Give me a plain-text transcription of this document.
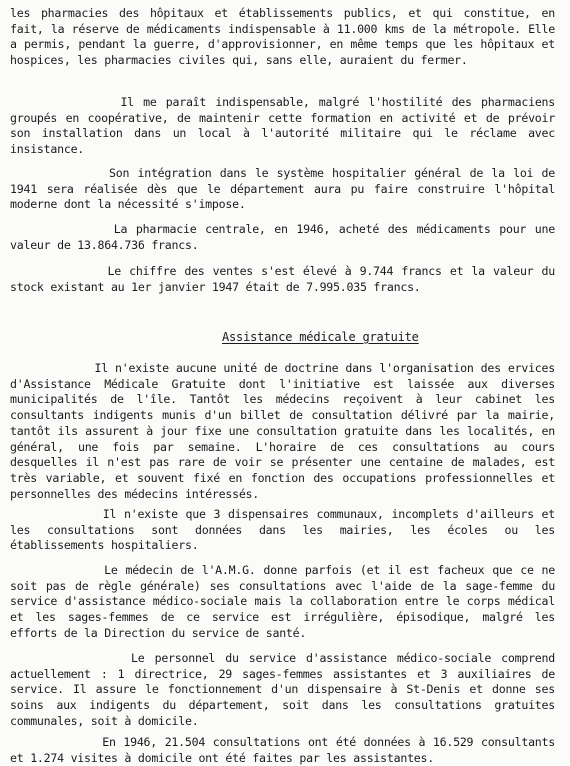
les pharmacies des hôpitaux et établissements publics, et qui constitue, en fait, la réserve de médicaments indispensable à 11.000 kms de la métropole. Elle a permis, pendant la guerre, d'approvisionner, en même temps que les hôpitaux et hospices, les pharmacies civiles qui, sans elle, auraient du fermer.

Il me paraît indispensable, malgré l'hostilité des pharmaciens groupés en coopérative, de maintenir cette formation en activité et de prévoir son installation dans un local à l'autorité militaire qui le réclame avec insistance.

Son intégration dans le système hospitalier général de la loi de 1941 sera réalisée dès que le département aura pu faire construire l'hôpital moderne dont la nécessité s'impose.

La pharmacie centrale, en 1946, acheté des médicaments pour une valeur de 13.864.736 francs.

Le chiffre des ventes s'est élevé à 9.744 francs et la valeur du stock existant au 1er janvier 1947 était de 7.995.035 francs.

Assistance médicale gratuite

Il n'existe aucune unité de doctrine dans l'organisation des ervices d'Assistance Médicale Gratuite dont l'initiative est laissée aux diverses municipalités de l'île. Tantôt les médecins reçoivent à leur cabinet les consultants indigents munis d'un billet de consultation délivré par la mairie, tantôt ils assurent à jour fixe une consultation gratuite dans les localités, en général, une fois par semaine. L'horaire de ces consultations au cours desquelles il n'est pas rare de voir se présenter une centaine de malades, est très variable, et souvent fixé en fonction des occupations professionnelles et personnelles des médecins intéressés.

Il n'existe que 3 dispensaires communaux, incomplets d'ailleurs et les consultations sont données dans les mairies, les écoles ou les établissements hospitaliers.

Le médecin de l'A.M.G. donne parfois (et il est facheux que ce ne soit pas de règle générale) ses consultations avec l'aide de la sage-femme du service d'assistance médico-sociale mais la collaboration entre le corps médical et les sages-femmes de ce service est irrégulière, épisodique, malgré les efforts de la Direction du service de santé.

Le personnel du service d'assistance médico-sociale comprend actuellement : 1 directrice, 29 sages-femmes assistantes et 3 auxiliaires de service. Il assure le fonctionnement d'un dispensaire à St-Denis et donne ses soins aux indigents du département, soit dans les consultations gratuites communales, soit à domicile.

En 1946, 21.504 consultations ont été données à 16.529 consultants et 1.274 visites à domicile ont été faites par les assistantes.
